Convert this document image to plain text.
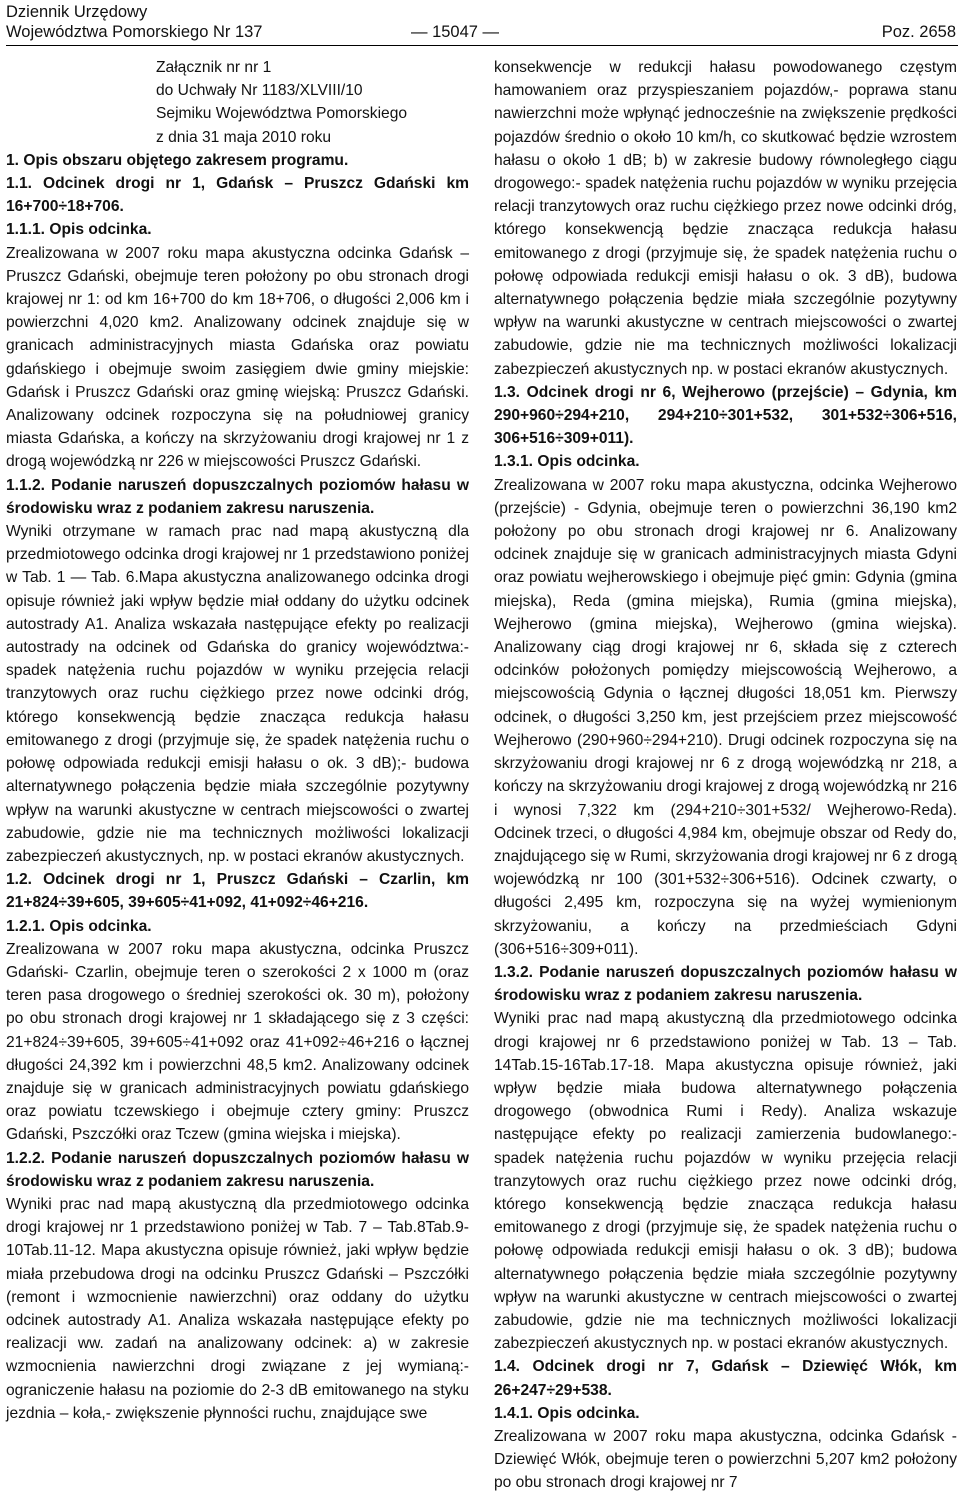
Dziennik Urzędowy
Województwa Pomorskiego Nr 137	— 15047 —	Poz. 2658

Załącznik nr nr 1

do Uchwały Nr 1183/XLVIII/10

Sejmiku Województwa Pomorskiego

z dnia 31 maja 2010 roku

1. Opis obszaru objętego zakresem programu.

1.1. Odcinek drogi nr 1, Gdańsk – Pruszcz Gdański km 16+700÷18+706.

1.1.1. Opis odcinka.

Zrealizowana w 2007 roku mapa akustyczna odcinka Gdańsk – Pruszcz Gdański, obejmuje teren położony po obu stronach drogi krajowej nr 1: od km 16+700 do km 18+706, o długości 2,006 km i powierzchni 4,020 km2. Analizowany odcinek znajduje się w granicach administracyjnych miasta Gdańska oraz powiatu gdańskiego i obejmuje swoim zasięgiem dwie gminy miejskie: Gdańsk i Pruszcz Gdański oraz gminę wiejską: Pruszcz Gdański. Analizowany odcinek rozpoczyna się na południowej granicy miasta Gdańska, a kończy na skrzyżowaniu drogi krajowej nr 1 z drogą wojewódzką nr 226 w miejscowości Pruszcz Gdański.

1.1.2. Podanie naruszeń dopuszczalnych poziomów hałasu w środowisku wraz z podaniem zakresu naruszenia.

Wyniki otrzymane w ramach prac nad mapą akustyczną dla przedmiotowego odcinka drogi krajowej nr 1 przedstawiono poniżej w Tab. 1 — Tab. 6.Mapa akustyczna analizowanego odcinka drogi opisuje również jaki wpływ będzie miał oddany do użytku odcinek autostrady A1. Analiza wskazała następujące efekty po realizacji autostrady na odcinek od Gdańska do granicy województwa:- spadek natężenia ruchu pojazdów w wyniku przejęcia relacji tranzytowych oraz ruchu ciężkiego przez nowe odcinki dróg, którego konsekwencją będzie znacząca redukcja hałasu emitowanego z drogi (przyjmuje się, że spadek natężenia ruchu o połowę odpowiada redukcji emisji hałasu o ok. 3 dB);- budowa alternatywnego połączenia będzie miała szczególnie pozytywny wpływ na warunki akustyczne w centrach miejscowości o zwartej zabudowie, gdzie nie ma technicznych możliwości lokalizacji zabezpieczeń akustycznych, np. w postaci ekranów akustycznych.

1.2. Odcinek drogi nr 1, Pruszcz Gdański – Czarlin, km 21+824÷39+605, 39+605÷41+092, 41+092÷46+216.

1.2.1. Opis odcinka.

Zrealizowana w 2007 roku mapa akustyczna, odcinka Pruszcz Gdański- Czarlin, obejmuje teren o szerokości 2 x 1000 m (oraz teren pasa drogowego o średniej szerokości ok. 30 m), położony po obu stronach drogi krajowej nr 1 składającego się z 3 części: 21+824÷39+605, 39+605÷41+092 oraz 41+092÷46+216 o łącznej długości 24,392 km i powierzchni 48,5 km2. Analizowany odcinek znajduje się w granicach administracyjnych powiatu gdańskiego oraz powiatu tczewskiego i obejmuje cztery gminy: Pruszcz Gdański, Pszczółki oraz Tczew (gmina wiejska i miejska).

1.2.2. Podanie naruszeń dopuszczalnych poziomów hałasu w środowisku wraz z podaniem zakresu naruszenia.

Wyniki prac nad mapą akustyczną dla przedmiotowego odcinka drogi krajowej nr 1 przedstawiono poniżej w Tab. 7 – Tab.8Tab.9-10Tab.11-12. Mapa akustyczna opisuje również, jaki wpływ będzie miała przebudowa drogi na odcinku Pruszcz Gdański – Pszczółki (remont i wzmocnienie nawierzchni) oraz oddany do użytku odcinek autostrady A1. Analiza wskazała następujące efekty po realizacji ww. zadań na analizowany odcinek: a) w zakresie wzmocnienia nawierzchni drogi związane z jej wymianą:- ograniczenie hałasu na poziomie do 2-3 dB emitowanego na styku jezdnia – koła,- zwiększenie płynności ruchu, znajdujące swe

konsekwencje w redukcji hałasu powodowanego częstym hamowaniem oraz przyspieszaniem pojazdów,- poprawa stanu nawierzchni może wpłynąć jednocześnie na zwiększenie prędkości pojazdów średnio o około 10 km/h, co skutkować będzie wzrostem hałasu o około 1 dB; b) w zakresie budowy równoległego ciągu drogowego:- spadek natężenia ruchu pojazdów w wyniku przejęcia relacji tranzytowych oraz ruchu ciężkiego przez nowe odcinki dróg, którego konsekwencją będzie znacząca redukcja hałasu emitowanego z drogi (przyjmuje się, że spadek natężenia ruchu o połowę odpowiada redukcji emisji hałasu o ok. 3 dB), budowa alternatywnego połączenia będzie miała szczególnie pozytywny wpływ na warunki akustyczne w centrach miejscowości o zwartej zabudowie, gdzie nie ma technicznych możliwości lokalizacji zabezpieczeń akustycznych np. w postaci ekranów akustycznych.

1.3. Odcinek drogi nr 6, Wejherowo (przejście) – Gdynia, km 290+960÷294+210, 294+210÷301+532, 301+532÷306+516, 306+516÷309+011).

1.3.1. Opis odcinka.

Zrealizowana w 2007 roku mapa akustyczna, odcinka Wejherowo (przejście) - Gdynia, obejmuje teren o powierzchni 36,190 km2 położony po obu stronach drogi krajowej nr 6. Analizowany odcinek znajduje się w granicach administracyjnych miasta Gdyni oraz powiatu wejherowskiego i obejmuje pięć gmin: Gdynia (gmina miejska), Reda (gmina miejska), Rumia (gmina miejska), Wejherowo (gmina miejska), Wejherowo (gmina wiejska). Analizowany ciąg drogi krajowej nr 6, składa się z czterech odcinków położonych pomiędzy miejscowością Wejherowo, a miejscowością Gdynia o łącznej długości 18,051 km. Pierwszy odcinek, o długości 3,250 km, jest przejściem przez miejscowość Wejherowo (290+960÷294+210). Drugi odcinek rozpoczyna się na skrzyżowaniu drogi krajowej nr 6 z drogą wojewódzką nr 218, a kończy na skrzyżowaniu drogi krajowej z drogą wojewódzką nr 216 i wynosi 7,322 km (294+210÷301+532/ Wejherowo-Reda). Odcinek trzeci, o długości 4,984 km, obejmuje obszar od Redy do, znajdującego się w Rumi, skrzyżowania drogi krajowej nr 6 z drogą wojewódzką nr 100 (301+532÷306+516). Odcinek czwarty, o długości 2,495 km, rozpoczyna się na wyżej wymienionym skrzyżowaniu, a kończy na przedmieściach Gdyni (306+516÷309+011).

1.3.2. Podanie naruszeń dopuszczalnych poziomów hałasu w środowisku wraz z podaniem zakresu naruszenia.

Wyniki prac nad mapą akustyczną dla przedmiotowego odcinka drogi krajowej nr 6 przedstawiono poniżej w Tab. 13 – Tab. 14Tab.15-16Tab.17-18. Mapa akustyczna opisuje również, jaki wpływ będzie miała budowa alternatywnego połączenia drogowego (obwodnica Rumi i Redy). Analiza wskazuje następujące efekty po realizacji zamierzenia budowlanego:- spadek natężenia ruchu pojazdów w wyniku przejęcia relacji tranzytowych oraz ruchu ciężkiego przez nowe odcinki dróg, którego konsekwencją będzie znacząca redukcja hałasu emitowanego z drogi (przyjmuje się, że spadek natężenia ruchu o połowę odpowiada redukcji emisji hałasu o ok. 3 dB); budowa alternatywnego połączenia będzie miała szczególnie pozytywny wpływ na warunki akustyczne w centrach miejscowości o zwartej zabudowie, gdzie nie ma technicznych możliwości lokalizacji zabezpieczeń akustycznych np. w postaci ekranów akustycznych.

1.4. Odcinek drogi nr 7, Gdańsk – Dziewięć Włók, km 26+247÷29+538.

1.4.1. Opis odcinka.

Zrealizowana w 2007 roku mapa akustyczna, odcinka Gdańsk - Dziewięć Włók, obejmuje teren o powierzchni 5,207 km2 położony po obu stronach drogi krajowej nr 7
